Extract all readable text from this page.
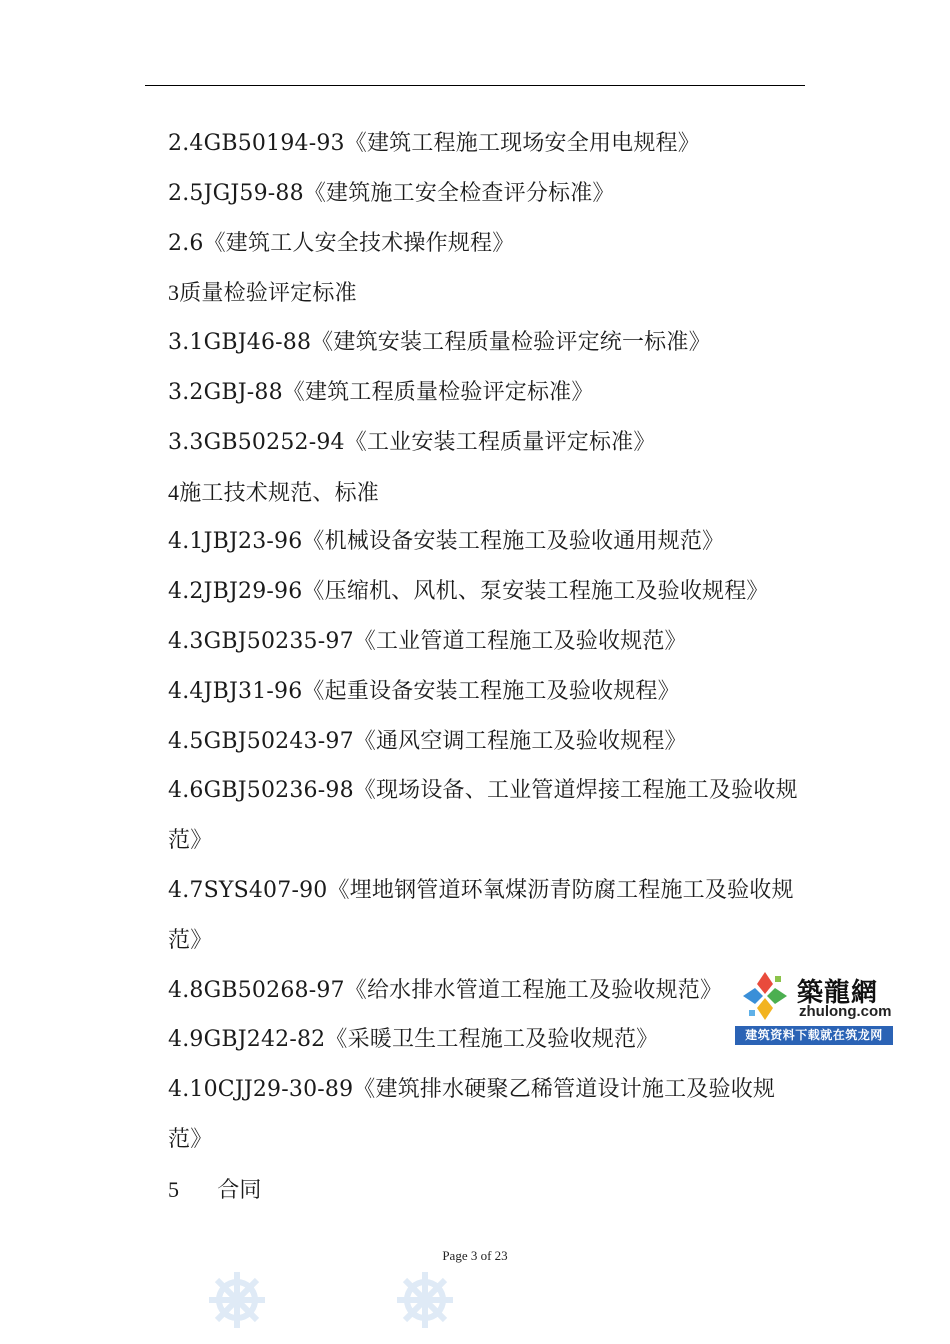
2.4GB50194-93《建筑工程施工现场安全用电规程》
2.5JGJ59-88《建筑施工安全检查评分标准》
2.6《建筑工人安全技术操作规程》
3质量检验评定标准
3.1GBJ46-88《建筑安装工程质量检验评定统一标准》
3.2GBJ-88《建筑工程质量检验评定标准》
3.3GB50252-94《工业安装工程质量评定标准》
4施工技术规范、标准
4.1JBJ23-96《机械设备安装工程施工及验收通用规范》
4.2JBJ29-96《压缩机、风机、泵安装工程施工及验收规程》
4.3GBJ50235-97《工业管道工程施工及验收规范》
4.4JBJ31-96《起重设备安装工程施工及验收规程》
4.5GBJ50243-97《通风空调工程施工及验收规程》
4.6GBJ50236-98《现场设备、工业管道焊接工程施工及验收规
范》
4.7SYS407-90《埋地钢管道环氧煤沥青防腐工程施工及验收规
范》
4.8GB50268-97《给水排水管道工程施工及验收规范》
4.9GBJ242-82《采暖卫生工程施工及验收规范》
4.10CJJ29-30-89《建筑排水硬聚乙稀管道设计施工及验收规
范》
5 合同
築龍網
zhulong.com
建筑资料下载就在筑龙网
Page 3 of 23
